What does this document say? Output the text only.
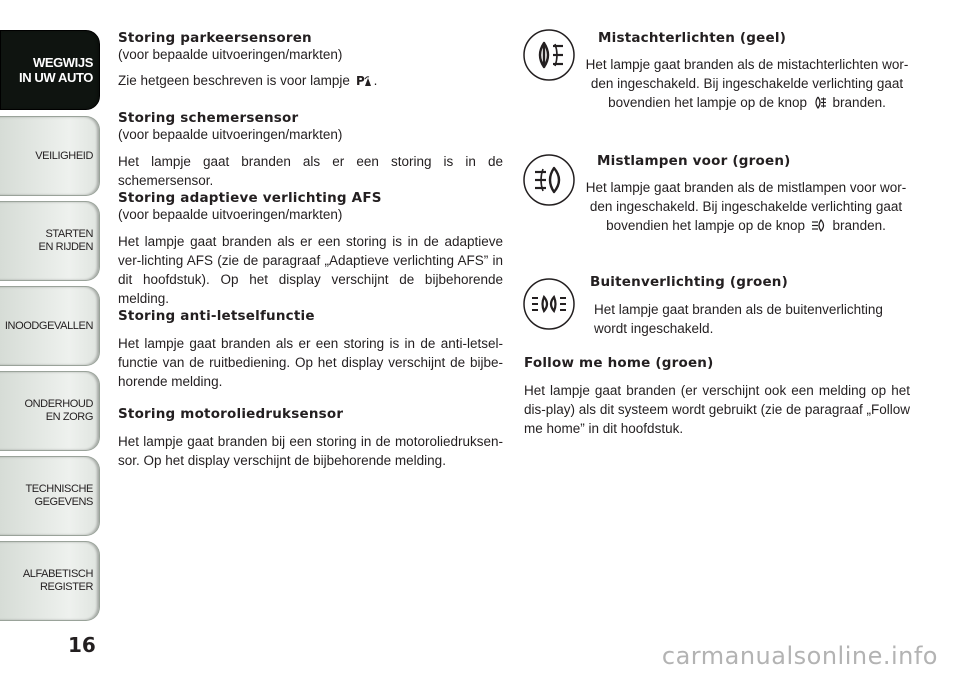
WEGWIJS
IN UW AUTO
VEILIGHEID
STARTEN
EN RIJDEN
INOODGEVALLEN
ONDERHOUD
EN ZORG
TECHNISCHE
GEGEVENS
ALFABETISCH
REGISTER
16
Storing parkeersensoren
(voor bepaalde uitvoeringen/markten)
Zie hetgeen beschreven is voor lampje P .
Storing schemersensor
(voor bepaalde uitvoeringen/markten)
Het lampje gaat branden als er een storing is in de schemersensor.
Storing adaptieve verlichting AFS
(voor bepaalde uitvoeringen/markten)
Het lampje gaat branden als er een storing is in de adaptieve ver-lichting AFS (zie de paragraaf „Adaptieve verlichting AFS” in dit hoofdstuk). Op het display verschijnt de bijbehorende melding.
Storing anti-letselfunctie
Het lampje gaat branden als er een storing is in de anti-letsel-functie van de ruitbediening. Op het display verschijnt de bijbe-horende melding.
Storing motoroliedruksensor
Het lampje gaat branden bij een storing in de motoroliedruksen-sor. Op het display verschijnt de bijbehorende melding.
Mistachterlichten (geel)
Het lampje gaat branden als de mistachterlichten wor-den ingeschakeld. Bij ingeschakelde verlichting gaat bovendien het lampje op de knop  branden.
Mistlampen voor (groen)
Het lampje gaat branden als de mistlampen voor wor-den ingeschakeld. Bij ingeschakelde verlichting gaat bovendien het lampje op de knop  branden.
Buitenverlichting (groen)
Het lampje gaat branden als de buitenverlichting wordt ingeschakeld.
Follow me home (groen)
Het lampje gaat branden (er verschijnt ook een melding op het dis-play) als dit systeem wordt gebruikt (zie de paragraaf „Follow me home” in dit hoofdstuk.
carmanualsonline.info
